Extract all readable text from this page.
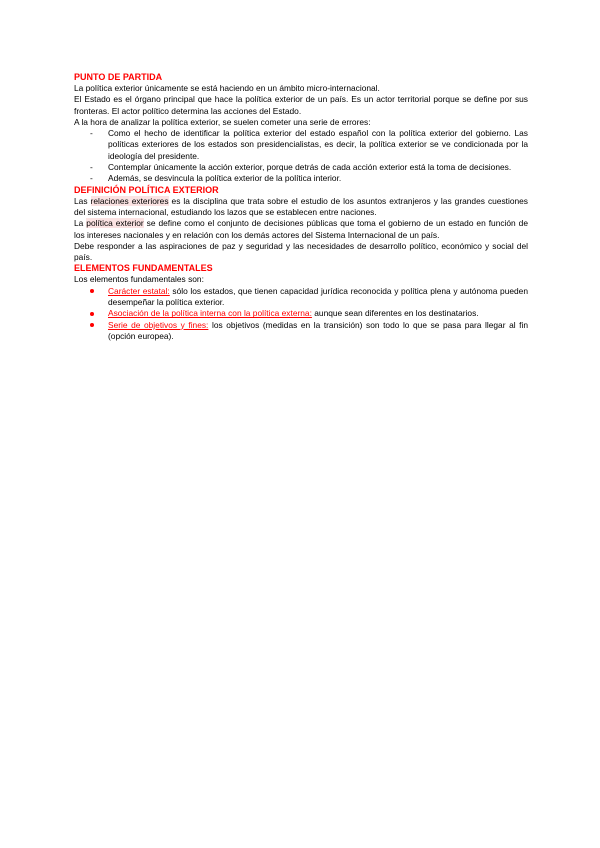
PUNTO DE PARTIDA

La política exterior únicamente se está haciendo en un ámbito micro-internacional.

El Estado es el órgano principal que hace la política exterior de un país. Es un actor territorial porque se define por sus fronteras. El actor político determina las acciones del Estado.

A la hora de analizar la política exterior, se suelen cometer una serie de errores:

- Como el hecho de identificar la política exterior del estado español con la política exterior del gobierno. Las políticas exteriores de los estados son presidencialistas, es decir, la política exterior se ve condicionada por la ideología del presidente.
- Contemplar únicamente la acción exterior, porque detrás de cada acción exterior está la toma de decisiones.
- Además, se desvincula la política exterior de la política interior.
DEFINICIÓN POLÍTICA EXTERIOR

Las relaciones exteriores es la disciplina que trata sobre el estudio de los asuntos extranjeros y las grandes cuestiones del sistema internacional, estudiando los lazos que se establecen entre naciones.

La política exterior se define como el conjunto de decisiones públicas que toma el gobierno de un estado en función de los intereses nacionales y en relación con los demás actores del Sistema Internacional de un país.

Debe responder a las aspiraciones de paz y seguridad y las necesidades de desarrollo político, económico y social del país.

ELEMENTOS FUNDAMENTALES

Los elementos fundamentales son:

Carácter estatal: sólo los estados, que tienen capacidad jurídica reconocida y política plena y autónoma pueden desempeñar la política exterior.
Asociación de la política interna con la política externa: aunque sean diferentes en los destinatarios.
Serie de objetivos y fines: los objetivos (medidas en la transición) son todo lo que se pasa para llegar al fin (opción europea).
